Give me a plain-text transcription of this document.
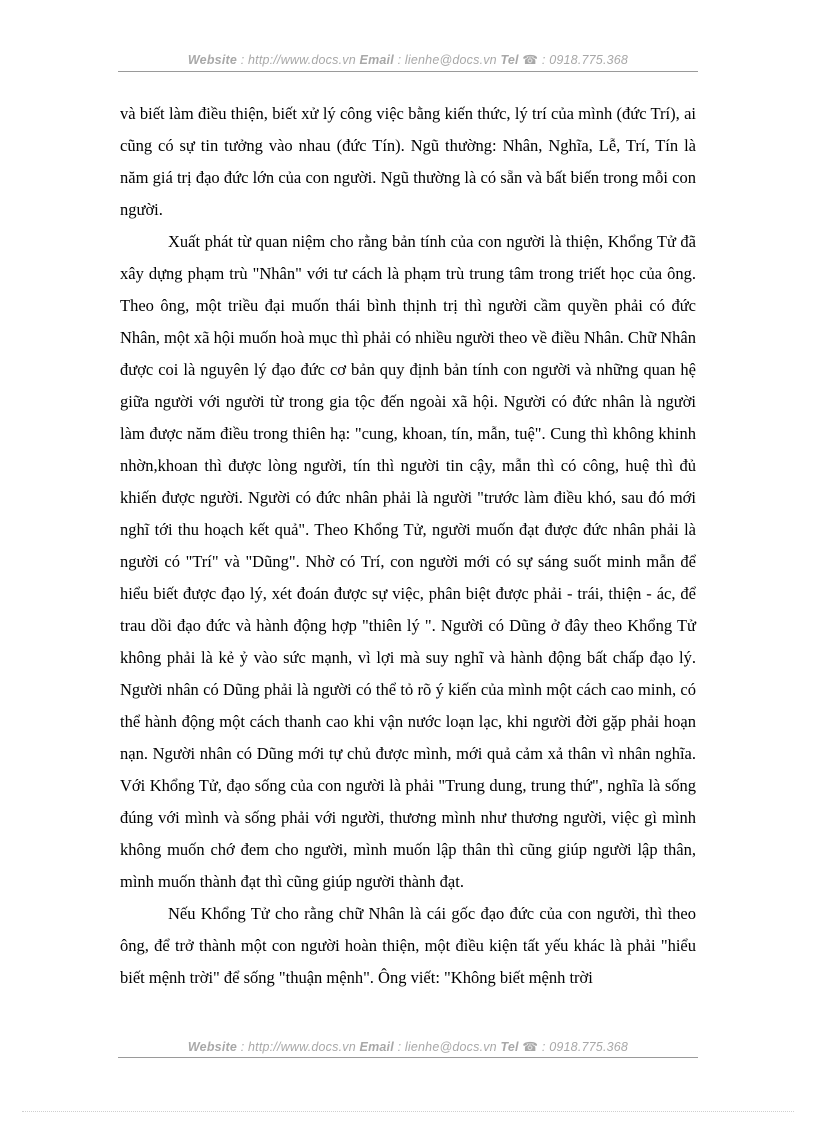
Website : http://www.docs.vn Email : lienhe@docs.vn Tel ☎ : 0918.775.368

và biết làm điều thiện, biết xử lý công việc bằng kiến thức, lý trí của mình (đức Trí), ai cũng có sự tin tưởng vào nhau (đức Tín). Ngũ thường: Nhân, Nghĩa, Lễ, Trí, Tín là năm giá trị đạo đức lớn của con người. Ngũ thường là có sẵn và bất biến trong mỗi con người.

Xuất phát từ quan niệm cho rằng bản tính của con người là thiện, Khổng Tử đã xây dựng phạm trù "Nhân" với tư cách là phạm trù trung tâm trong triết học của ông. Theo ông, một triều đại muốn thái bình thịnh trị thì người cầm quyền phải có đức Nhân, một xã hội muốn hoà mục thì phải có nhiều người theo về điều Nhân. Chữ Nhân được coi là nguyên lý đạo đức cơ bản quy định bản tính con người và những quan hệ giữa người với người từ trong gia tộc đến ngoài xã hội. Người có đức nhân là người làm được năm điều trong thiên hạ: "cung, khoan, tín, mẫn, tuệ". Cung thì không khinh nhờn,khoan thì được lòng người, tín thì người tin cậy, mẫn thì có công, huệ thì đủ khiến được người. Người có đức nhân phải là người "trước làm điều khó, sau đó mới nghĩ tới thu hoạch kết quả". Theo Khổng Tử, người muốn đạt được đức nhân phải là người có "Trí" và "Dũng". Nhờ có Trí, con người mới có sự sáng suốt minh mẫn để hiểu biết được đạo lý, xét đoán được sự việc, phân biệt được phải - trái, thiện - ác, để trau dồi đạo đức và hành động hợp "thiên lý ". Người có Dũng ở đây theo Khổng Tử không phải là kẻ ỷ vào sức mạnh, vì lợi mà suy nghĩ và hành động bất chấp đạo lý. Người nhân có Dũng phải là người có thể tỏ rõ ý kiến của mình một cách cao minh, có thể hành động một cách thanh cao khi vận nước loạn lạc, khi người đời gặp phải hoạn nạn. Người nhân có Dũng mới tự chủ được mình, mới quả cảm xả thân vì nhân nghĩa. Với Khổng Tử, đạo sống của con người là phải "Trung dung, trung thứ", nghĩa là sống đúng với mình và sống phải với người, thương mình như thương người, việc gì mình không muốn chớ đem cho người, mình muốn lập thân thì cũng giúp người lập thân, mình muốn thành đạt thì cũng giúp người thành đạt.

Nếu Khổng Tử cho rằng chữ Nhân là cái gốc đạo đức của con người, thì theo ông, để trở thành một con người hoàn thiện, một điều kiện tất yếu khác là phải "hiểu biết mệnh trời" để sống "thuận mệnh". Ông viết: "Không biết mệnh trời

Website : http://www.docs.vn Email : lienhe@docs.vn Tel ☎ : 0918.775.368
